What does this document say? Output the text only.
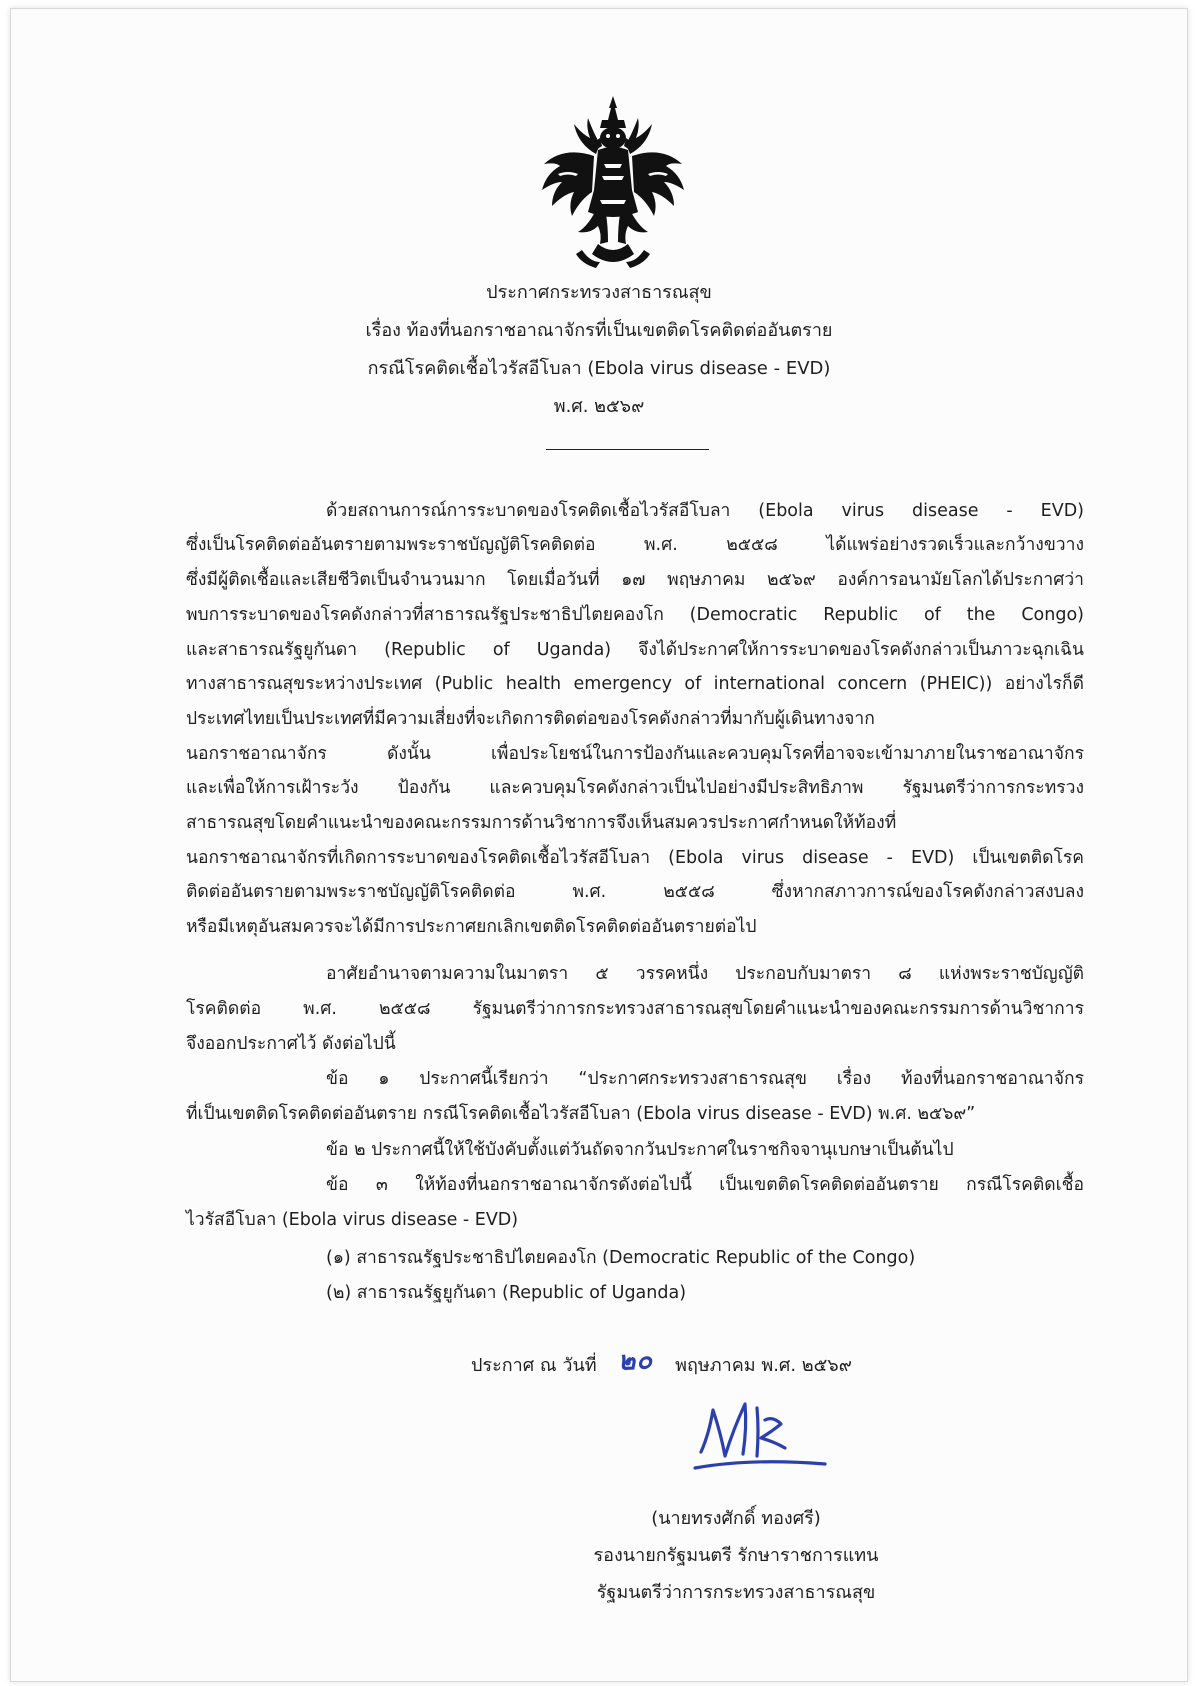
ประกาศกระทรวงสาธารณสุข
เรื่อง ท้องที่นอกราชอาณาจักรที่เป็นเขตติดโรคติดต่ออันตราย
กรณีโรคติดเชื้อไวรัสอีโบลา (Ebola virus disease - EVD)
พ.ศ. ๒๕๖๙
ด้วยสถานการณ์การระบาดของโรคติดเชื้อไวรัสอีโบลา (Ebola virus disease - EVD)
ซึ่งเป็นโรคติดต่ออันตรายตามพระราชบัญญัติโรคติดต่อ พ.ศ. ๒๕๕๘ ได้แพร่อย่างรวดเร็วและกว้างขวาง
ซึ่งมีผู้ติดเชื้อและเสียชีวิตเป็นจำนวนมาก โดยเมื่อวันที่ ๑๗ พฤษภาคม ๒๕๖๙ องค์การอนามัยโลกได้ประกาศว่า
พบการระบาดของโรคดังกล่าวที่สาธารณรัฐประชาธิปไตยคองโก (Democratic Republic of the Congo)
และสาธารณรัฐยูกันดา (Republic of Uganda) จึงได้ประกาศให้การระบาดของโรคดังกล่าวเป็นภาวะฉุกเฉิน
ทางสาธารณสุขระหว่างประเทศ (Public health emergency of international concern (PHEIC)) อย่างไรก็ดี
ประเทศไทยเป็นประเทศที่มีความเสี่ยงที่จะเกิดการติดต่อของโรคดังกล่าวที่มากับผู้เดินทางจาก
นอกราชอาณาจักร ดังนั้น เพื่อประโยชน์ในการป้องกันและควบคุมโรคที่อาจจะเข้ามาภายในราชอาณาจักร
และเพื่อให้การเฝ้าระวัง ป้องกัน และควบคุมโรคดังกล่าวเป็นไปอย่างมีประสิทธิภาพ รัฐมนตรีว่าการกระทรวง
สาธารณสุขโดยคำแนะนำของคณะกรรมการด้านวิชาการจึงเห็นสมควรประกาศกำหนดให้ท้องที่
นอกราชอาณาจักรที่เกิดการระบาดของโรคติดเชื้อไวรัสอีโบลา (Ebola virus disease - EVD) เป็นเขตติดโรค
ติดต่ออันตรายตามพระราชบัญญัติโรคติดต่อ พ.ศ. ๒๕๕๘ ซึ่งหากสภาวการณ์ของโรคดังกล่าวสงบลง
หรือมีเหตุอันสมควรจะได้มีการประกาศยกเลิกเขตติดโรคติดต่ออันตรายต่อไป
อาศัยอำนาจตามความในมาตรา ๕ วรรคหนึ่ง ประกอบกับมาตรา ๘ แห่งพระราชบัญญัติ
โรคติดต่อ พ.ศ. ๒๕๕๘ รัฐมนตรีว่าการกระทรวงสาธารณสุขโดยคำแนะนำของคณะกรรมการด้านวิชาการ
จึงออกประกาศไว้ ดังต่อไปนี้
ข้อ ๑ ประกาศนี้เรียกว่า “ประกาศกระทรวงสาธารณสุข เรื่อง ท้องที่นอกราชอาณาจักร
ที่เป็นเขตติดโรคติดต่ออันตราย กรณีโรคติดเชื้อไวรัสอีโบลา (Ebola virus disease - EVD) พ.ศ. ๒๕๖๙”
ข้อ ๒ ประกาศนี้ให้ใช้บังคับตั้งแต่วันถัดจากวันประกาศในราชกิจจานุเบกษาเป็นต้นไป
ข้อ ๓ ให้ท้องที่นอกราชอาณาจักรดังต่อไปนี้ เป็นเขตติดโรคติดต่ออันตราย กรณีโรคติดเชื้อ
ไวรัสอีโบลา (Ebola virus disease - EVD)
(๑) สาธารณรัฐประชาธิปไตยคองโก (Democratic Republic of the Congo)
(๒) สาธารณรัฐยูกันดา (Republic of Uganda)
ประกาศ ณ วันที่ ๒๐ พฤษภาคม พ.ศ. ๒๕๖๙
(นายทรงศักดิ์ ทองศรี)
รองนายกรัฐมนตรี รักษาราชการแทน
รัฐมนตรีว่าการกระทรวงสาธารณสุข
